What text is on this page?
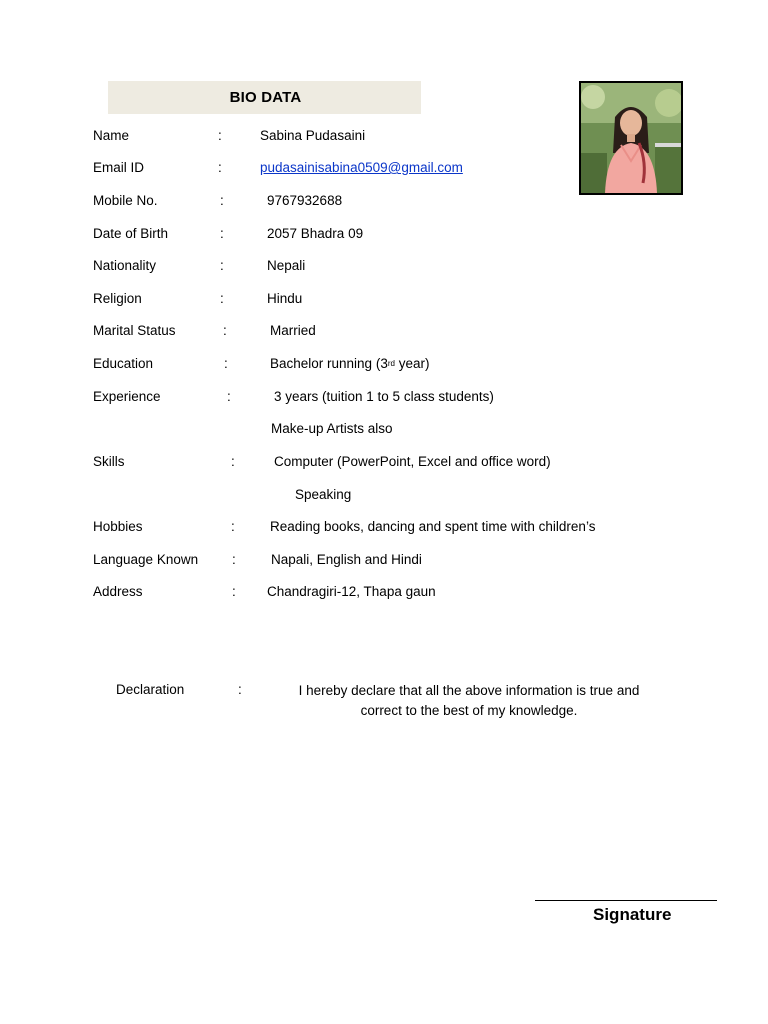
BIO DATA
Name	:	Sabina Pudasaini
Email ID	:	pudasainisabina0509@gmail.com
Mobile No.	:	9767932688
Date of Birth	:	2057 Bhadra 09
Nationality	:	Nepali
Religion	:	Hindu
Marital Status	:	Married
Education	:	Bachelor running (3rd year)
Experience	:	3 years (tuition 1 to 5 class students)
Make-up Artists also
Skills	:	Computer (PowerPoint, Excel and office word)
Speaking
Hobbies	:	Reading books, dancing and spent time with children’s
Language Known	:	Napali, English and Hindi
Address	: Chandragiri-12, Thapa gaun
Declaration	:	I hereby declare that all the above information is true and correct to the best of my knowledge.
Signature
